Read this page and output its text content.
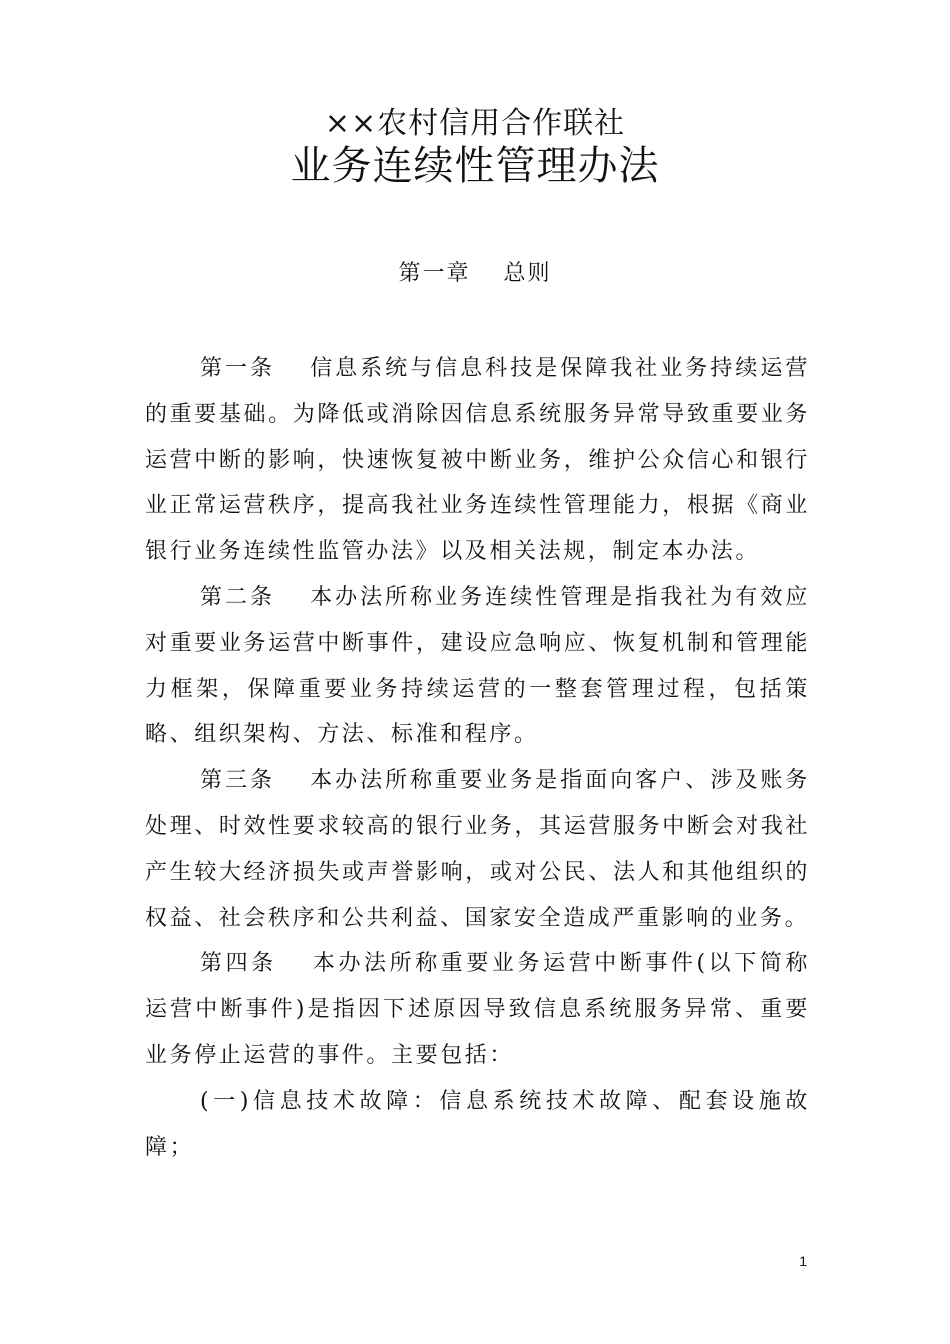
××农村信用合作联社
业务连续性管理办法
第一章　 总则

第一条　 信息系统与信息科技是保障我社业务持续运营的重要基础。为降低或消除因信息系统服务异常导致重要业务运营中断的影响，快速恢复被中断业务，维护公众信心和银行业正常运营秩序，提高我社业务连续性管理能力，根据《商业银行业务连续性监管办法》以及相关法规，制定本办法。

第二条　 本办法所称业务连续性管理是指我社为有效应对重要业务运营中断事件，建设应急响应、恢复机制和管理能力框架，保障重要业务持续运营的一整套管理过程，包括策略、组织架构、方法、标准和程序。

第三条　 本办法所称重要业务是指面向客户、涉及账务处理、时效性要求较高的银行业务，其运营服务中断会对我社产生较大经济损失或声誉影响，或对公民、法人和其他组织的权益、社会秩序和公共利益、国家安全造成严重影响的业务。

第四条　 本办法所称重要业务运营中断事件(以下简称运营中断事件)是指因下述原因导致信息系统服务异常、重要业务停止运营的事件。主要包括：

(一)信息技术故障：信息系统技术故障、配套设施故障；

1
